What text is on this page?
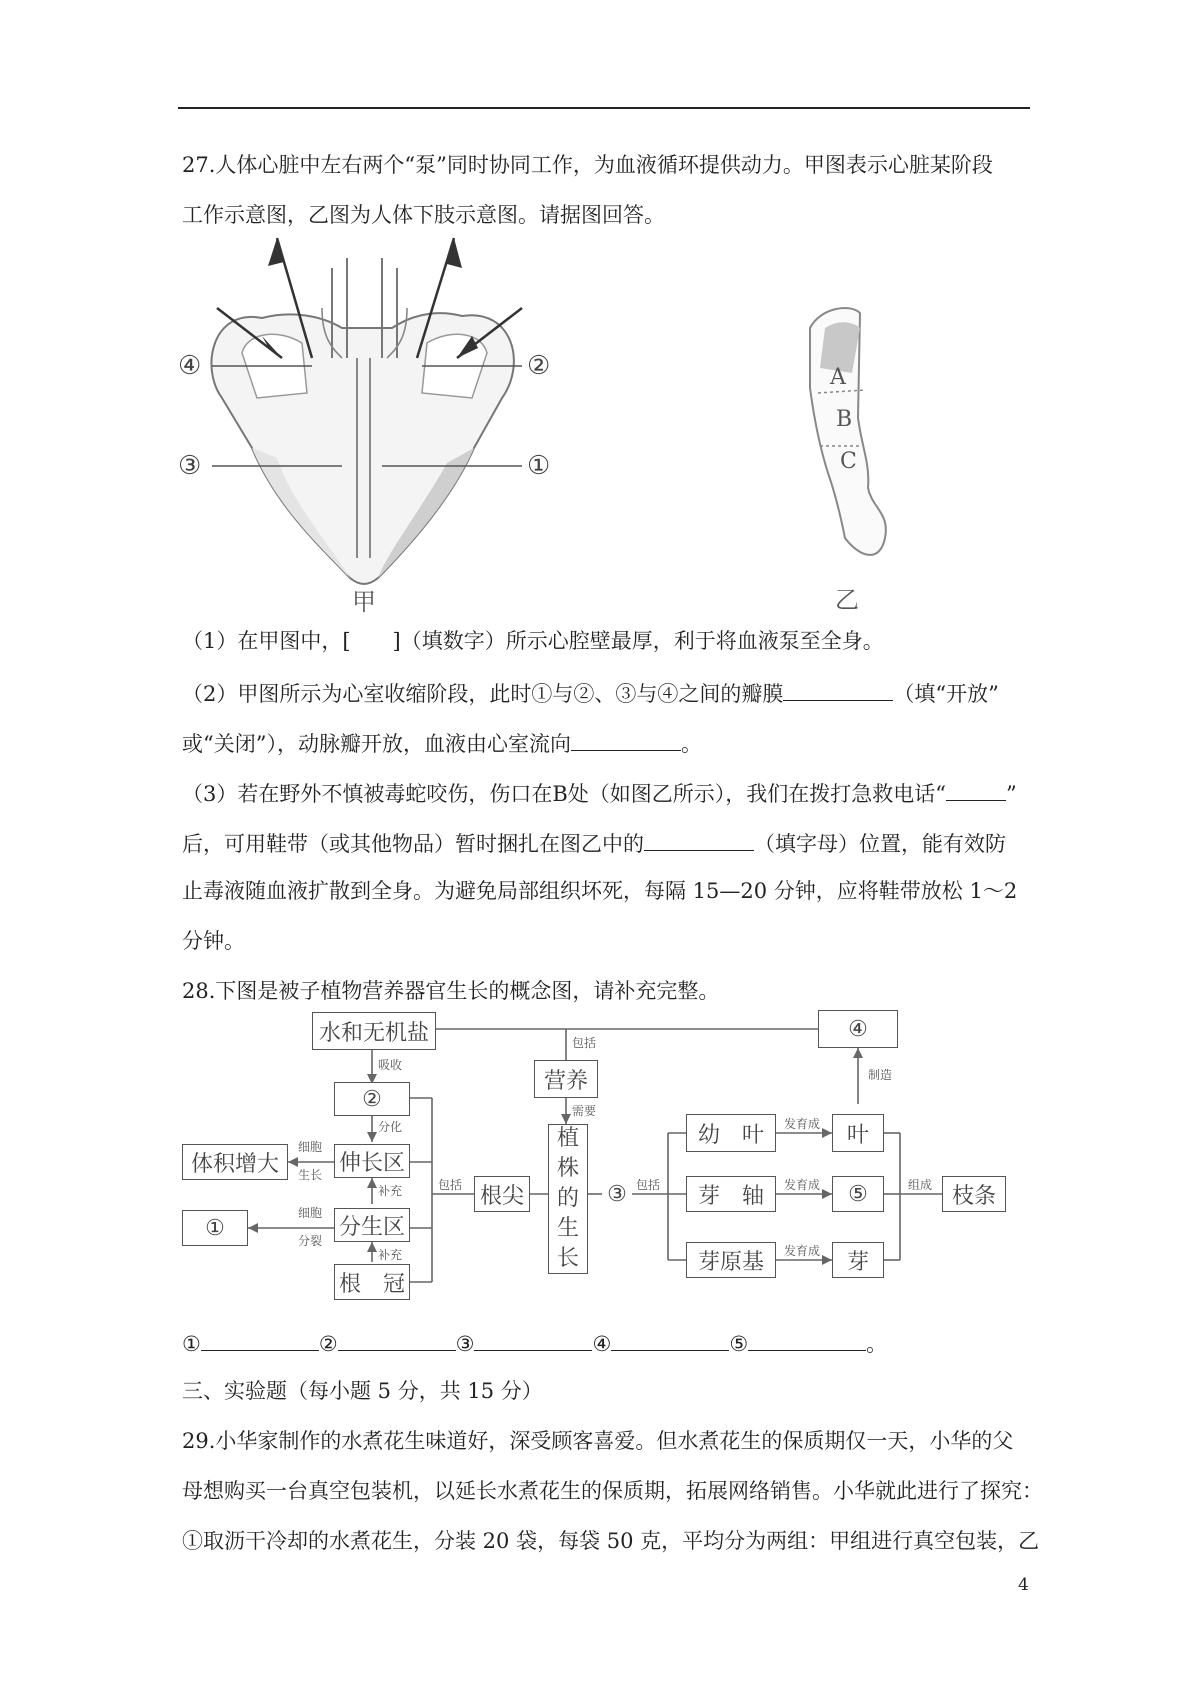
27.人体心脏中左右两个“泵”同时协同工作，为血液循环提供动力。甲图表示心脏某阶段
工作示意图，乙图为人体下肢示意图。请据图回答。
④	②
③	①
甲
A
B
C
乙
（1）在甲图中，[　　]（填数字）所示心腔壁最厚，利于将血液泵至全身。
（2）甲图所示为心室收缩阶段，此时①与②、③与④之间的瓣膜	（填“开放”
或“关闭”），动脉瓣开放，血液由心室流向	。
（3）若在野外不慎被毒蛇咬伤，伤口在B处（如图乙所示），我们在拨打急救电话“	”
后，可用鞋带（或其他物品）暂时捆扎在图乙中的	（填字母）位置，能有效防
止毒液随血液扩散到全身。为避免局部组织坏死，每隔 15—20 分钟，应将鞋带放松 1～2
分钟。
28.下图是被子植物营养器官生长的概念图，请补充完整。
水和无机盐
②
伸长区
分生区
根　冠
体积增大
①
根尖
营养
植
株
的
生
长
③
幼　叶
芽　轴
芽原基
叶
⑤
芽
④
枝条
吸收
分化
补充
补充
细胞
生长
细胞
分裂
包括
包括
包括
需要
制造
发育成
发育成
发育成
组成
①	②	③	④	⑤	。
三、实验题（每小题 5 分，共 15 分）
29.小华家制作的水煮花生味道好，深受顾客喜爱。但水煮花生的保质期仅一天，小华的父
母想购买一台真空包装机，以延长水煮花生的保质期，拓展网络销售。小华就此进行了探究：
①取沥干冷却的水煮花生，分装 20 袋，每袋 50 克，平均分为两组：甲组进行真空包装，乙
4
